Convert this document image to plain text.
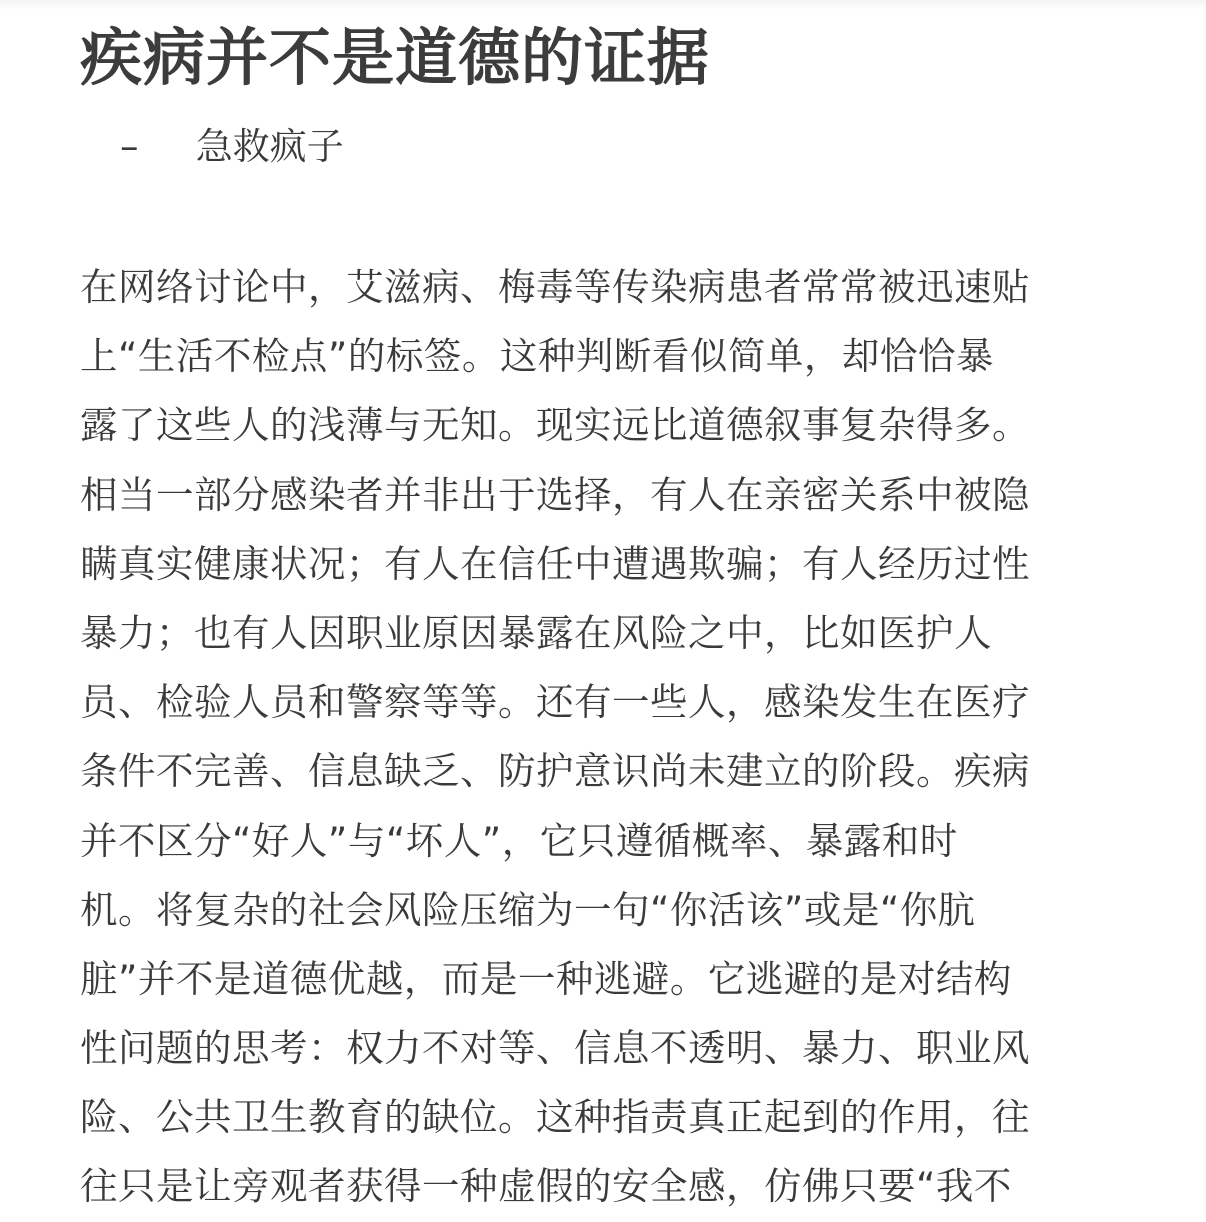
疾病并不是道德的证据
– 急救疯子
在网络讨论中，艾滋病、梅毒等传染病患者常常被迅速贴
上“生活不检点”的标签。这种判断看似简单，却恰恰暴
露了这些人的浅薄与无知。现实远比道德叙事复杂得多。
相当一部分感染者并非出于选择，有人在亲密关系中被隐
瞒真实健康状况；有人在信任中遭遇欺骗；有人经历过性
暴力；也有人因职业原因暴露在风险之中，比如医护人
员、检验人员和警察等等。还有一些人，感染发生在医疗
条件不完善、信息缺乏、防护意识尚未建立的阶段。疾病
并不区分“好人”与“坏人”，它只遵循概率、暴露和时
机。将复杂的社会风险压缩为一句“你活该”或是“你肮
脏”并不是道德优越，而是一种逃避。它逃避的是对结构
性问题的思考：权力不对等、信息不透明、暴力、职业风
险、公共卫生教育的缺位。这种指责真正起到的作用，往
往只是让旁观者获得一种虚假的安全感，仿佛只要“我不
